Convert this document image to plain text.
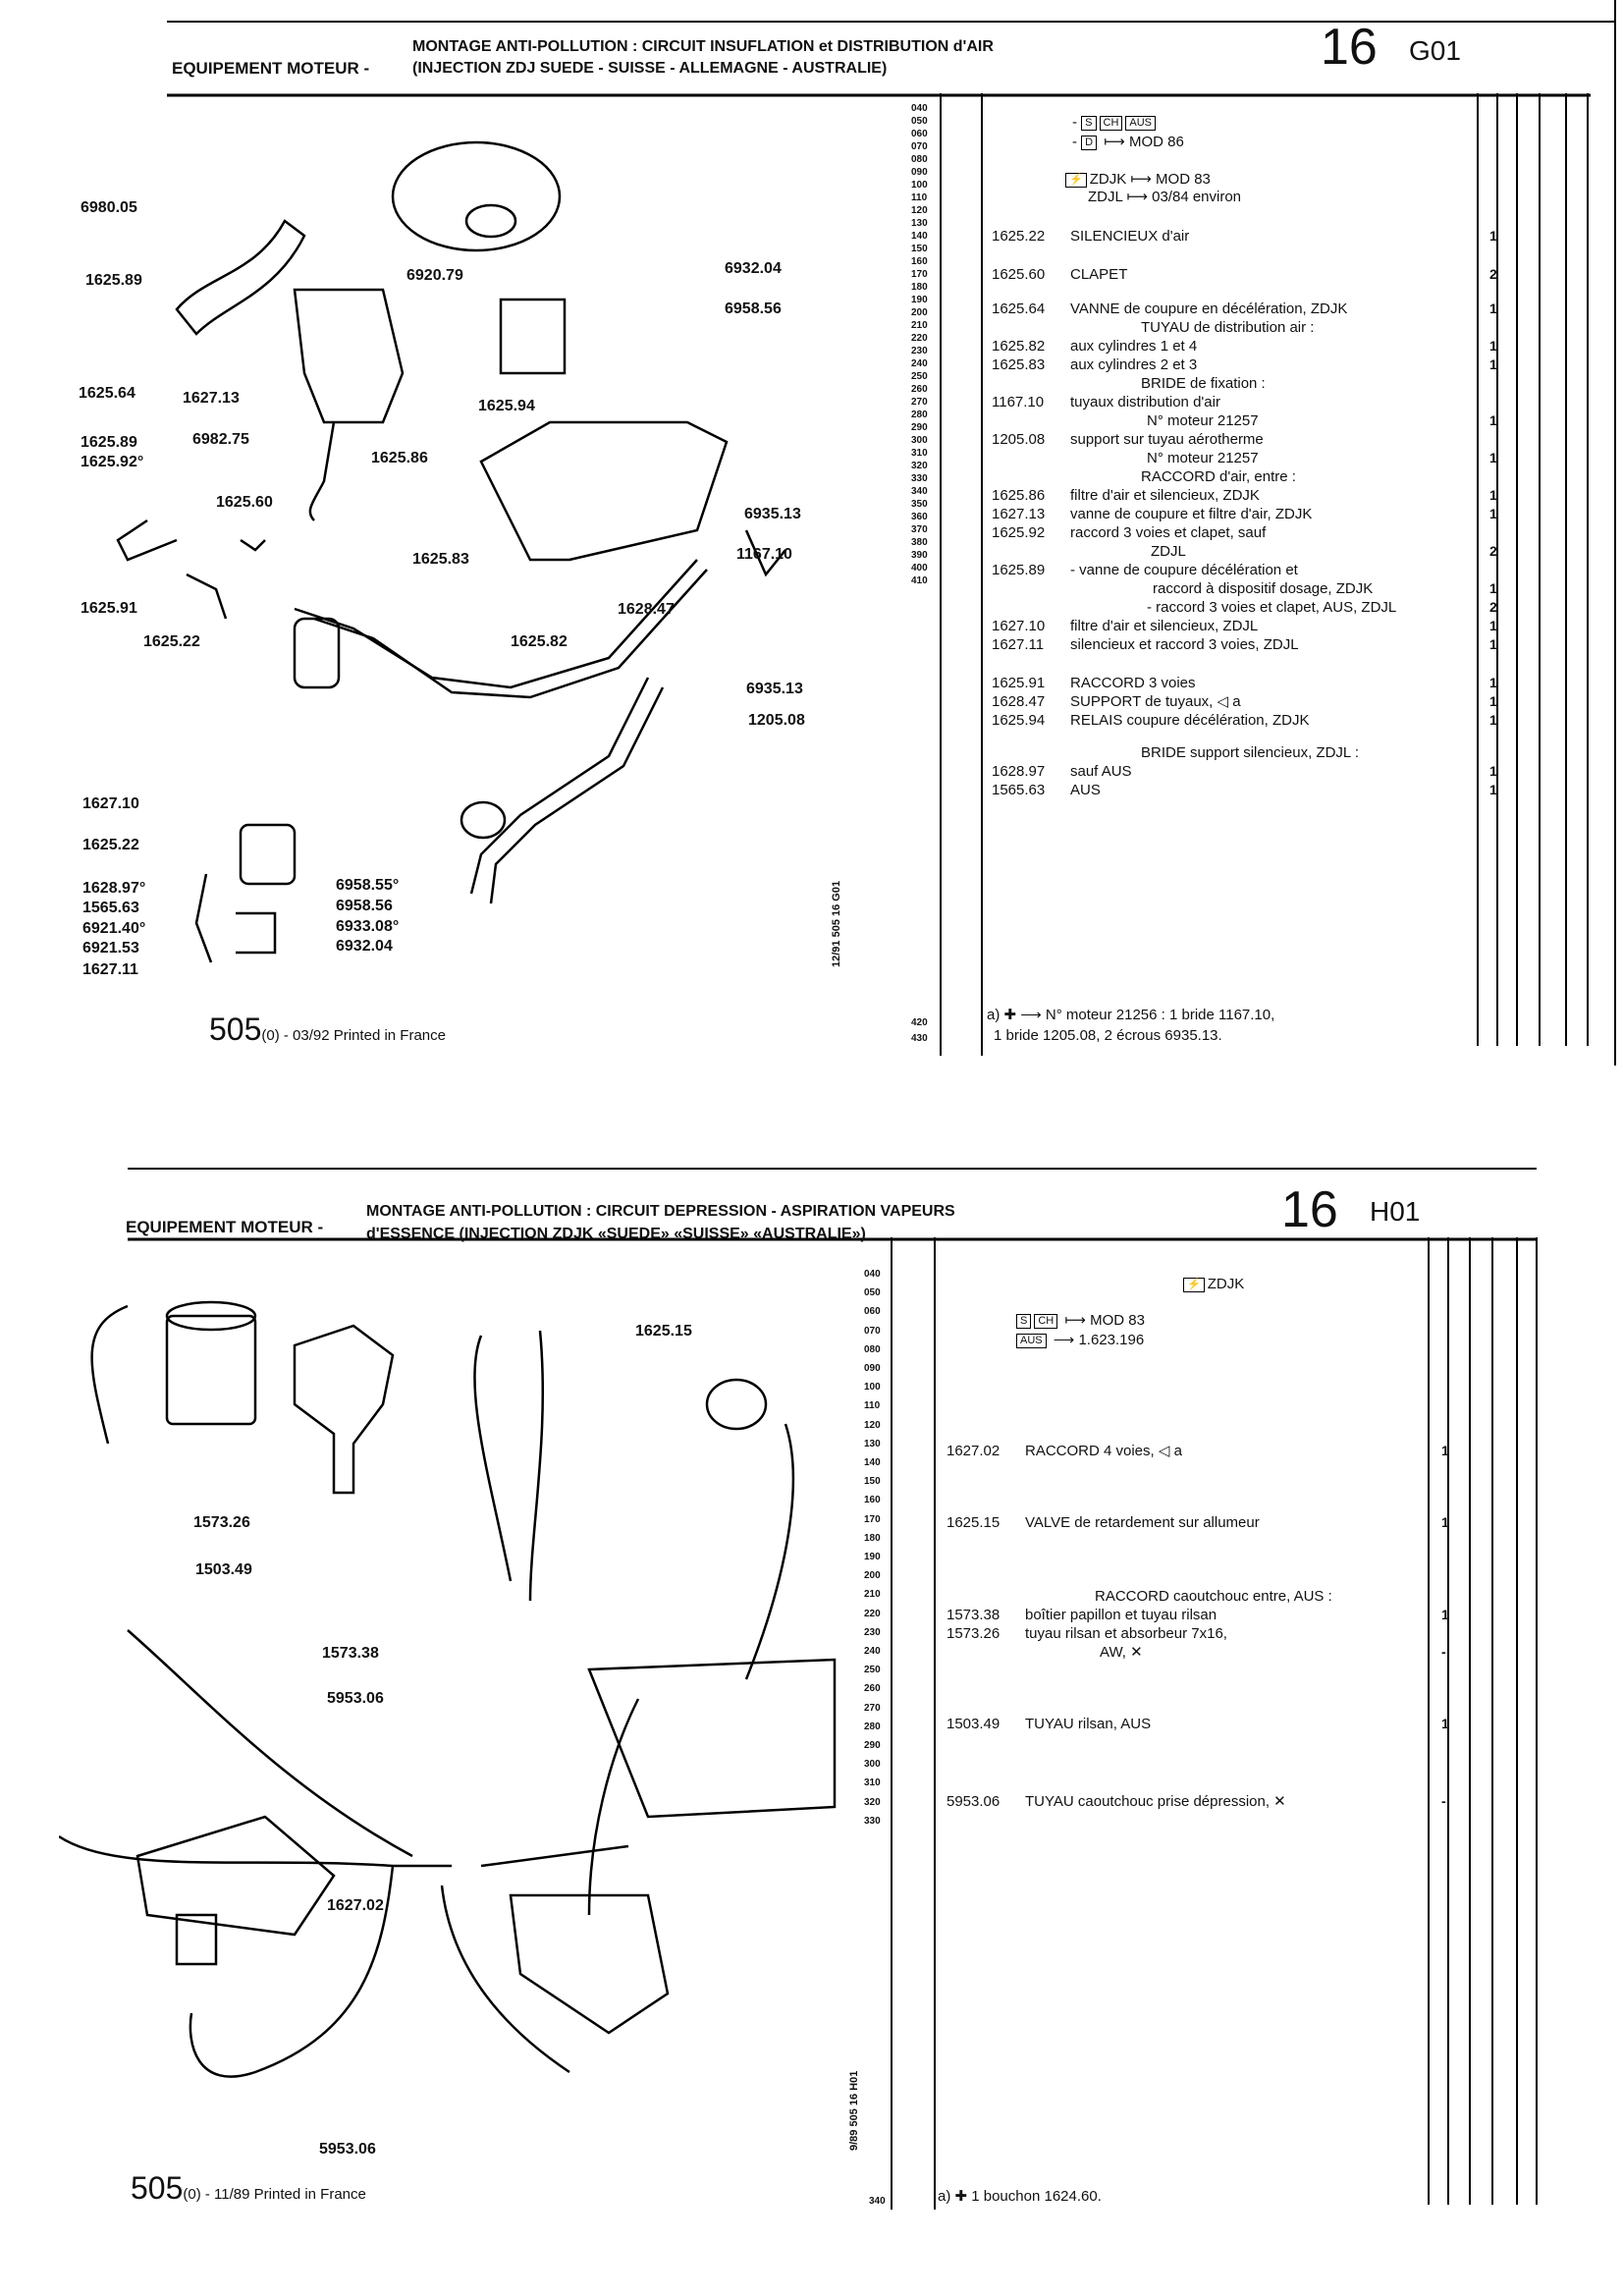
EQUIPEMENT MOTEUR -
MONTAGE ANTI-POLLUTION : CIRCUIT INSUFLATION et DISTRIBUTION d'AIR
(INJECTION ZDJ SUEDE - SUISSE - ALLEMAGNE - AUSTRALIE)	16 G01
6980.05
1625.89	6920.79	6932.04
6958.56
1625.64	1627.13
6982.75
1625.94
1625.89
1625.92°	1625.86
1625.60
6935.13
1625.83	1167.10
1625.91	1628.47
1625.22	1625.82
6935.13
1205.08
1627.10
1625.22
1628.97°
1565.63
6921.40°
6921.53
1627.11
6958.55°
6958.56
6933.08°
6932.04	12/91 505 16 G01
505(0) - 03/92 Printed in France
040
050
060
070
080
090
100
110
120
130
140
150
160
170
180
190
200
210
220
230
240
250
260
270
280
290
300
310
320
330
340
350
360
370
380
390
400
410
420
430
- S CH AUS
- D ⟼ MOD 86
⚡ ZDJK ⟼ MOD 83
ZDJL ⟼ 03/84 environ
1625.22 SILENCIEUX d'air	1
1625.60 CLAPET	2
1625.64 VANNE de coupure en décélération, ZDJK	1
TUYAU de distribution air :
1625.82 aux cylindres 1 et 4	1
1625.83 aux cylindres 2 et 3	1
BRIDE de fixation :
1167.10 tuyaux distribution d'air
N° moteur 21257	1
1205.08 support sur tuyau aérotherme
N° moteur 21257	1
RACCORD d'air, entre :
1625.86 filtre d'air et silencieux, ZDJK	1
1627.13 vanne de coupure et filtre d'air, ZDJK	1
1625.92 raccord 3 voies et clapet, sauf
ZDJL	2
1625.89 - vanne de coupure décélération et
raccord à dispositif dosage, ZDJK	1
- raccord 3 voies et clapet, AUS, ZDJL	2
1627.10 filtre d'air et silencieux, ZDJL	1
1627.11 silencieux et raccord 3 voies, ZDJL	1
1625.91 RACCORD 3 voies	1
1628.47 SUPPORT de tuyaux, ◁ a	1
1625.94 RELAIS coupure décélération, ZDJK	1
BRIDE support silencieux, ZDJL :
1628.97 sauf AUS	1
1565.63 AUS	1
a) ✚ ⟶ N° moteur 21256 : 1 bride 1167.10,
1 bride 1205.08, 2 écrous 6935.13.
EQUIPEMENT MOTEUR -
MONTAGE ANTI-POLLUTION : CIRCUIT DEPRESSION - ASPIRATION VAPEURS
d'ESSENCE (INJECTION ZDJK «SUEDE» «SUISSE» «AUSTRALIE»)	16 H01
1625.15
1573.26
1503.49
1573.38
5953.06
1627.02
5953.06	9/89 505 16 H01
505(0) - 11/89 Printed in France
040
050
060
070
080
090
100
110
120
130
140
150
160
170
180
190
200
210
220
230
240
250
260
270
280
290
300
310
320
330
340
⚡ ZDJK
S CH ⟼ MOD 83
AUS ⟶ 1.623.196
1627.02 RACCORD 4 voies, ◁ a	1
1625.15 VALVE de retardement sur allumeur	1
RACCORD caoutchouc entre, AUS :
1573.38 boîtier papillon et tuyau rilsan	1
1573.26 tuyau rilsan et absorbeur 7x16,
AW, ✕	-
1503.49 TUYAU rilsan, AUS	1
5953.06 TUYAU caoutchouc prise dépression, ✕	-
a) ✚ 1 bouchon 1624.60.
